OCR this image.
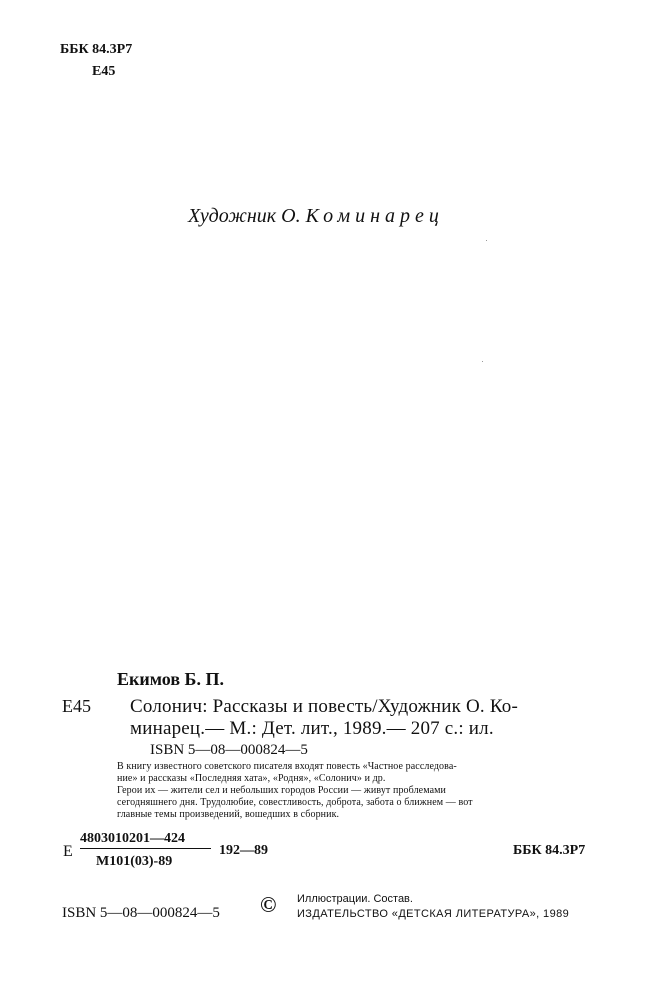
ББК 84.3Р7
Е45
Художник О. Коминарец
Екимов Б. П.
Е45 Солонич: Рассказы и повесть/Художник О. Ко-
минарец.— М.: Дет. лит., 1989.— 207 с.: ил.
ISBN 5—08—000824—5
В книгу известного советского писателя входят повесть «Частное расследова-
ние» и рассказы «Последняя хата», «Родня», «Солонич» и др.
Герои их — жители сел и небольших городов России — живут проблемами
сегодняшнего дня. Трудолюбие, совестливость, доброта, забота о ближнем — вот
главные темы произведений, вошедших в сборник.
Е
4803010201—424
М101(03)-89
192—89	ББК 84.3Р7
ISBN 5—08—000824—5 © Иллюстрации. Состав.
ИЗДАТЕЛЬСТВО «ДЕТСКАЯ ЛИТЕРАТУРА», 1989
